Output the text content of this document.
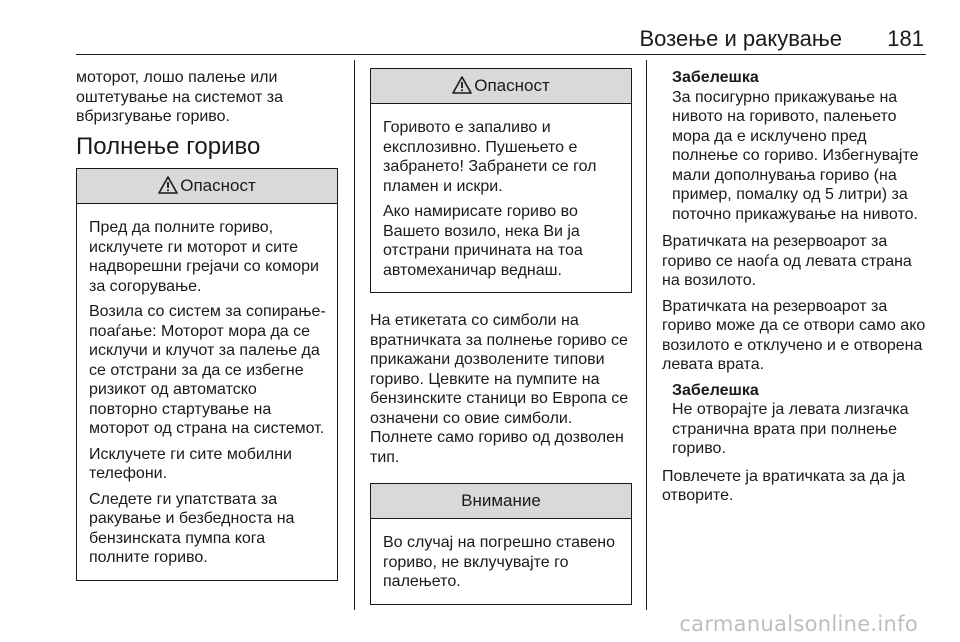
Возење и ракување 181

моторот, лошо палење или оштетување на системот за вбризгување гориво.

Полнење гориво
Опасност

Пред да полните гориво, исклучете ги моторот и сите надворешни грејачи со комори за согорување.

Возила со систем за сопирање-поаѓање: Моторот мора да се исклучи и клучот за палење да се отстрани за да се избегне ризикот од автоматско повторно стартување на моторот од страна на системот.

Исклучете ги сите мобилни телефони.

Следете ги упатствата за ракување и безбедноста на бензинската пумпа кога полните гориво.

Опасност

Горивото е запаливо и експлозивно. Пушењето е забрането! Забранети се гол пламен и искри.

Ако намирисате гориво во Вашето возило, нека Ви ја отстрани причината на тоа автомеханичар веднаш.

На етикетата со симболи на вратничката за полнење гориво се прикажани дозволените типови гориво. Цевките на пумпите на бензинските станици во Европа се означени со овие симболи. Полнете само гориво од дозволен тип.

Внимание

Во случај на погрешно ставено гориво, не вклучувајте го палењето.

Забелешка
За посигурно прикажување на нивото на горивото, палењето мора да е исклучено пред полнење со гориво. Избегнувајте мали дополнувања гориво (на пример, помалку од 5 литри) за поточно прикажување на нивото.

Вратичката на резервоарот за гориво се наоѓа од левата страна на возилото.

Вратичката на резервоарот за гориво може да се отвори само ако возилото е отклучено и е отворена левата врата.

Забелешка
Не отворајте ја левата лизгачка странична врата при полнење гориво.

Повлечете ја вратичката за да ја отворите.

carmanualsonline.info
